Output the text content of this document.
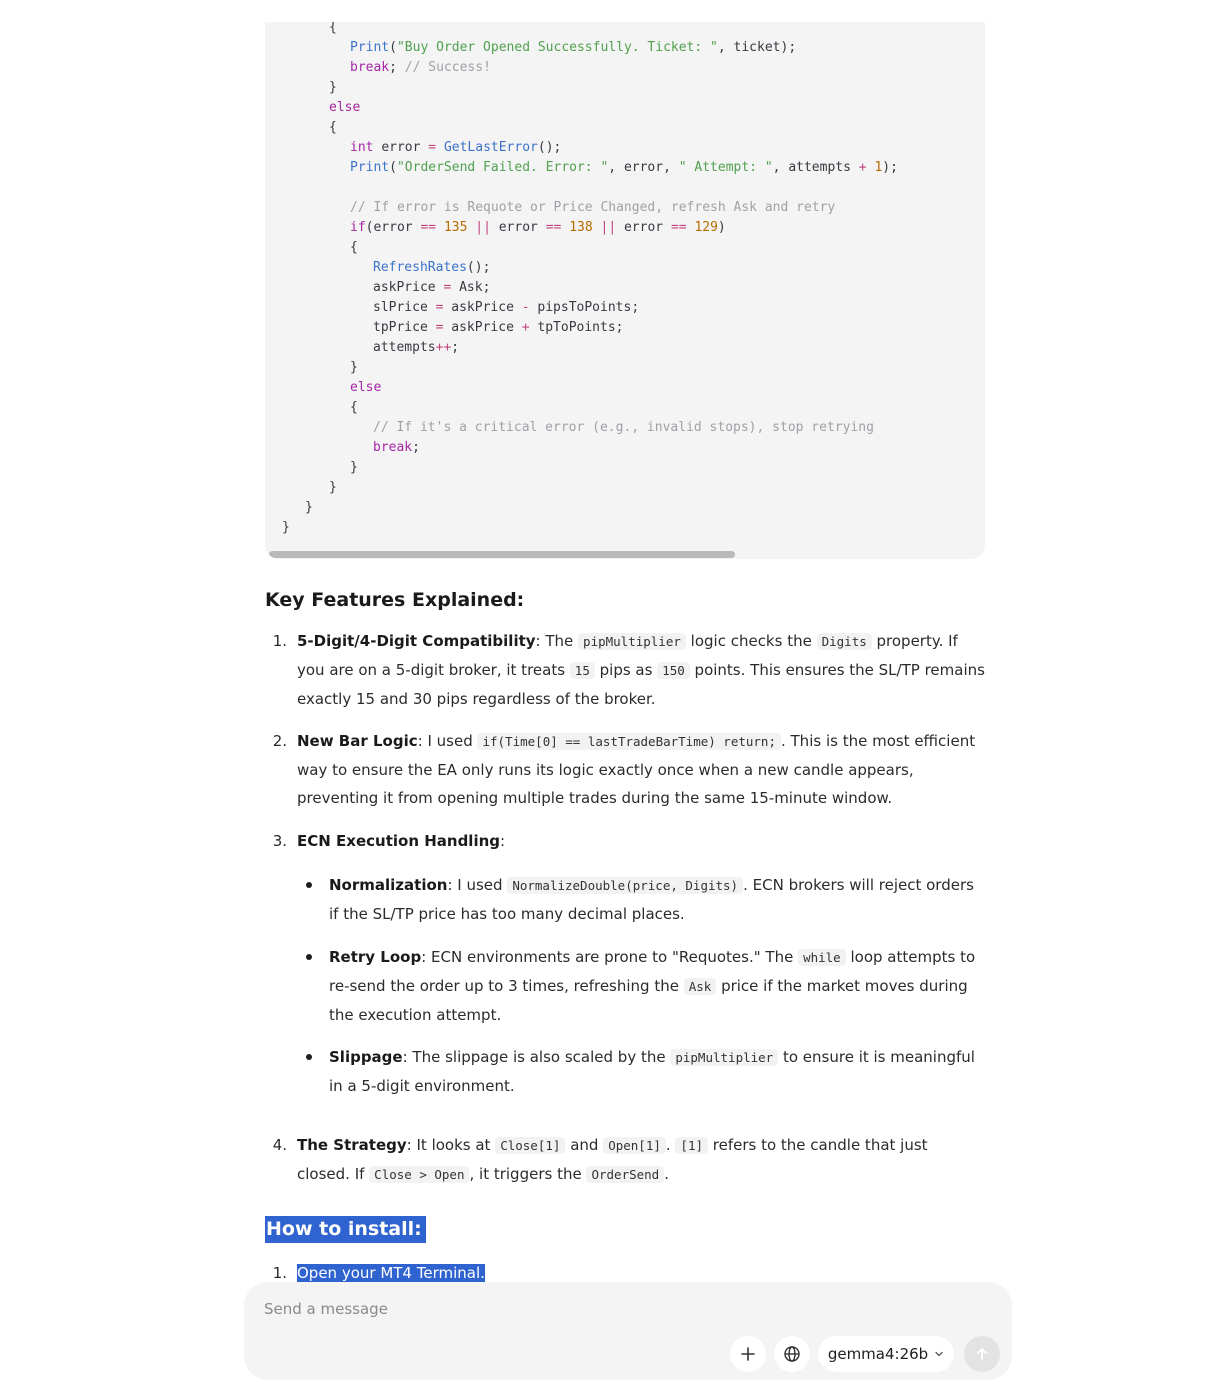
{
Print("Buy Order Opened Successfully. Ticket: ", ticket);
break; // Success!
}
else
{
int error = GetLastError();
Print("OrderSend Failed. Error: ", error, " Attempt: ", attempts + 1);
// If error is Requote or Price Changed, refresh Ask and retry
if(error == 135 || error == 138 || error == 129)
{
RefreshRates();
askPrice = Ask;
slPrice = askPrice - pipsToPoints;
tpPrice = askPrice + tpToPoints;
attempts++;
}
else
{
// If it's a critical error (e.g., invalid stops), stop retrying
break;
}
}
}
}
Key Features Explained:
1. 5-Digit/4-Digit Compatibility: The pipMultiplier logic checks the Digits property. If you are on a 5-digit broker, it treats 15 pips as 150 points. This ensures the SL/TP remains exactly 15 and 30 pips regardless of the broker.
2. New Bar Logic: I used if(Time[0] == lastTradeBarTime) return; . This is the most efficient way to ensure the EA only runs its logic exactly once when a new candle appears, preventing it from opening multiple trades during the same 15-minute window.
3. ECN Execution Handling:
Normalization: I used NormalizeDouble(price, Digits) . ECN brokers will reject orders if the SL/TP price has too many decimal places.
Retry Loop: ECN environments are prone to "Requotes." The while loop attempts to re-send the order up to 3 times, refreshing the Ask price if the market moves during the execution attempt.
Slippage: The slippage is also scaled by the pipMultiplier to ensure it is meaningful in a 5-digit environment.
4. The Strategy: It looks at Close[1] and Open[1] . [1] refers to the candle that just closed. If Close > Open , it triggers the OrderSend .
How to install:
1. Open your MT4 Terminal.
Send a message
gemma4:26b
